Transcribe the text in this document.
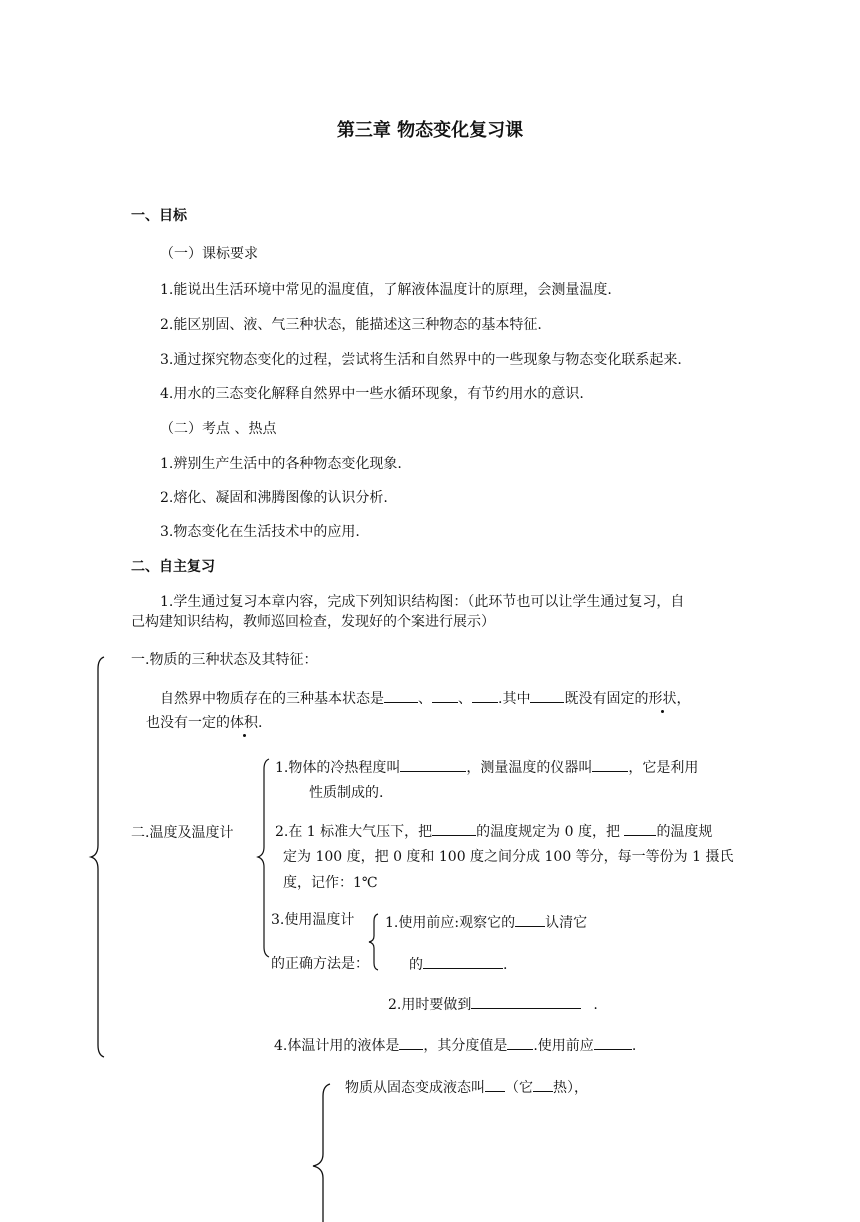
第三章 物态变化复习课
一、目标
（一）课标要求
1.能说出生活环境中常见的温度值，了解液体温度计的原理，会测量温度.
2.能区别固、液、气三种状态，能描述这三种物态的基本特征.
3.通过探究物态变化的过程，尝试将生活和自然界中的一些现象与物态变化联系起来.
4.用水的三态变化解释自然界中一些水循环现象，有节约用水的意识.
（二）考点 、热点
1.辨别生产生活中的各种物态变化现象.
2.熔化、凝固和沸腾图像的认识分析.
3.物态变化在生活技术中的应用.
二、自主复习
1.学生通过复习本章内容，完成下列知识结构图：（此环节也可以让学生通过复习，自
己构建知识结构，教师巡回检查，发现好的个案进行展示）
一.物质的三种状态及其特征：
自然界中物质存在的三种基本状态是 、 、 .其中 既没有固定的形状，
也没有一定的体积.
二.温度及温度计
1.物体的冷热程度叫	，测量温度的仪器叫	，它是利用
性质制成的.
2.在 1 标准大气压下，把	的温度规定为 0 度，把 的温度规
定为 100 度，把 0 度和 100 度之间分成 100 等分，每一等份为 1 摄氏
度，记作：1℃
3.使用温度计
的正确方法是：
1.使用前应:观察它的 认清它
的	.
2.用时要做到	.
4.体温计用的液体是 ，其分度值是 .使用前应	.
物质从固态变成液态叫 （它 热），
